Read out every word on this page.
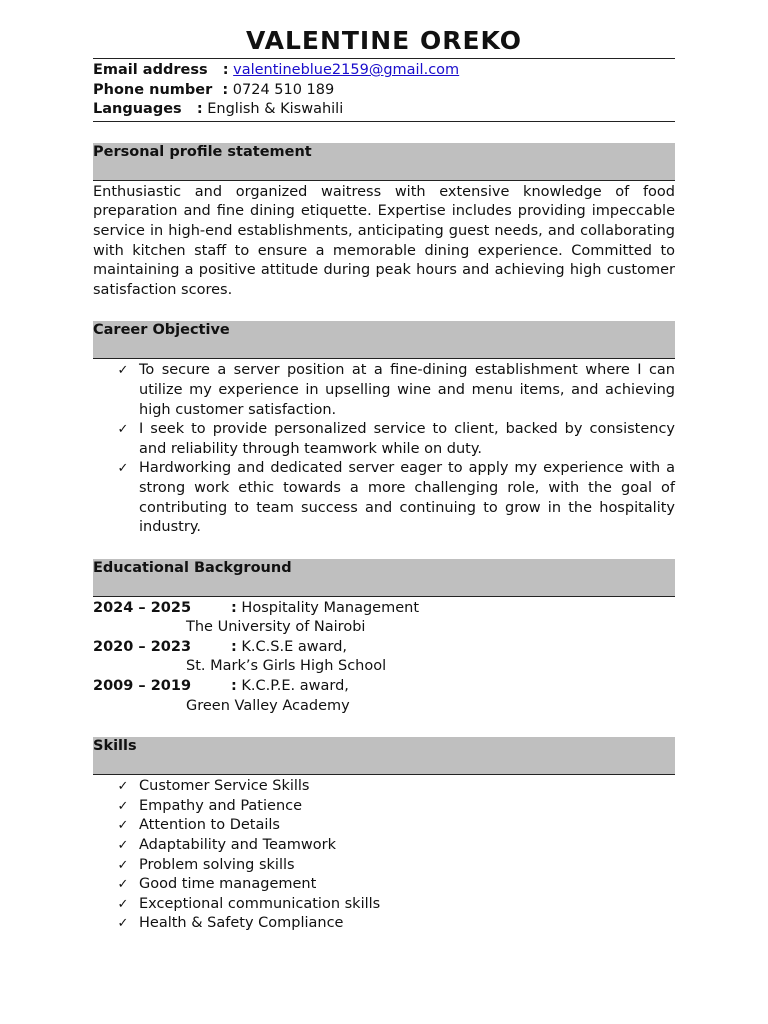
VALENTINE OREKO
Email address   : valentineblue2159@gmail.com
Phone number  : 0724 510 189
Languages   : English & Kiswahili
Personal profile statement

Enthusiastic and organized waitress with extensive knowledge of food preparation and fine dining etiquette. Expertise includes providing impeccable service in high-end establishments, anticipating guest needs, and collaborating with kitchen staff to ensure a memorable dining experience. Committed to maintaining a positive attitude during peak hours and achieving high customer satisfaction scores.

Career Objective
✓ To secure a server position at a fine-dining establishment where I can utilize my experience in upselling wine and menu items, and achieving high customer satisfaction.
✓ I seek to provide personalized service to client, backed by consistency and reliability through teamwork while on duty.
✓ Hardworking and dedicated server eager to apply my experience with a strong work ethic towards a more challenging role, with the goal of contributing to team success and continuing to grow in the hospitality industry.
Educational Background
2024 – 2025	: Hospitality Management
The University of Nairobi
2020 – 2023	: K.C.S.E award,
St. Mark’s Girls High School
2009 – 2019	: K.C.P.E. award,
Green Valley Academy
Skills
✓ Customer Service Skills
✓ Empathy and Patience
✓ Attention to Details
✓ Adaptability and Teamwork
✓ Problem solving skills
✓ Good time management
✓ Exceptional communication skills
✓ Health & Safety Compliance
